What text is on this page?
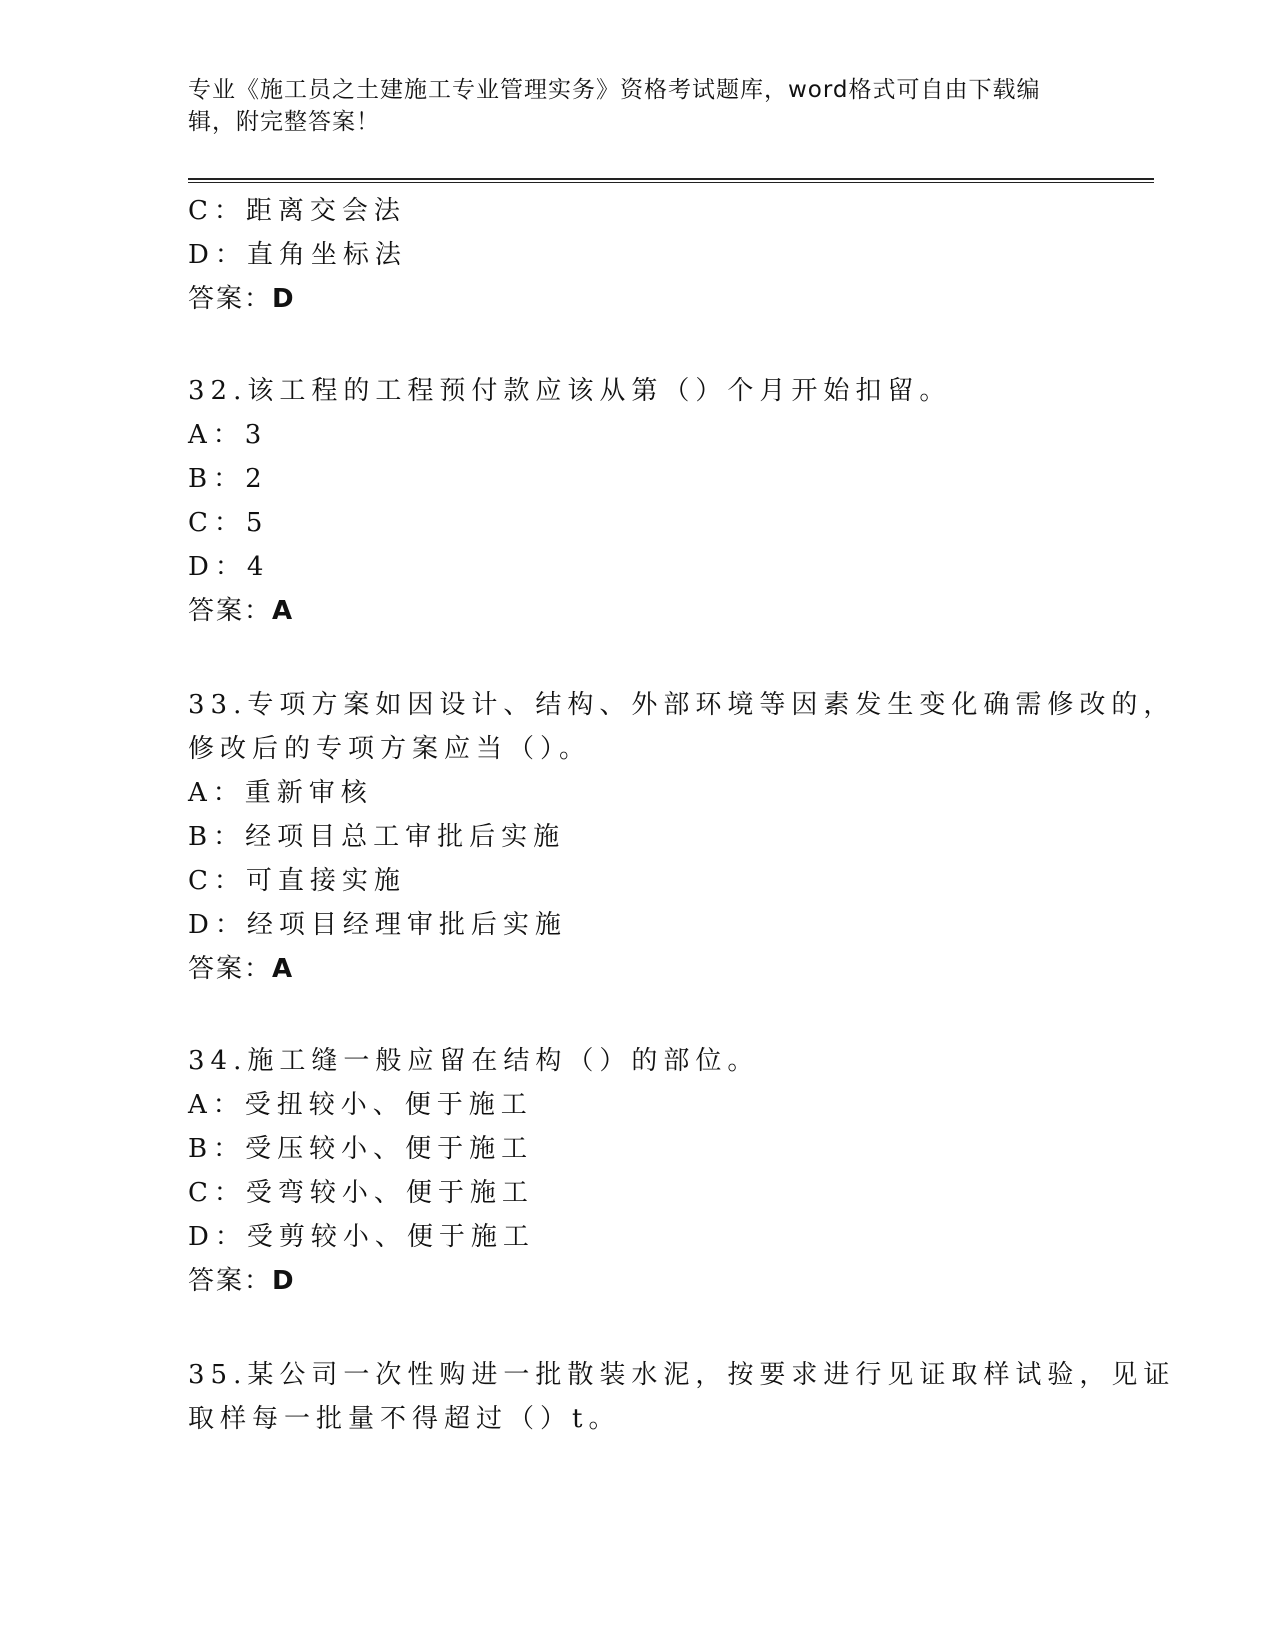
专业《施工员之土建施工专业管理实务》资格考试题库，word格式可自由下载编
辑，附完整答案！
C：距离交会法
D：直角坐标法
答案：D
32.该工程的工程预付款应该从第（）个月开始扣留。
A：3
B：2
C：5
D：4
答案：A
33.专项方案如因设计、结构、外部环境等因素发生变化确需修改的，
修改后的专项方案应当（）。
A：重新审核
B：经项目总工审批后实施
C：可直接实施
D：经项目经理审批后实施
答案：A
34.施工缝一般应留在结构（）的部位。
A：受扭较小、便于施工
B：受压较小、便于施工
C：受弯较小、便于施工
D：受剪较小、便于施工
答案：D
35.某公司一次性购进一批散装水泥，按要求进行见证取样试验，见证
取样每一批量不得超过（）t。
